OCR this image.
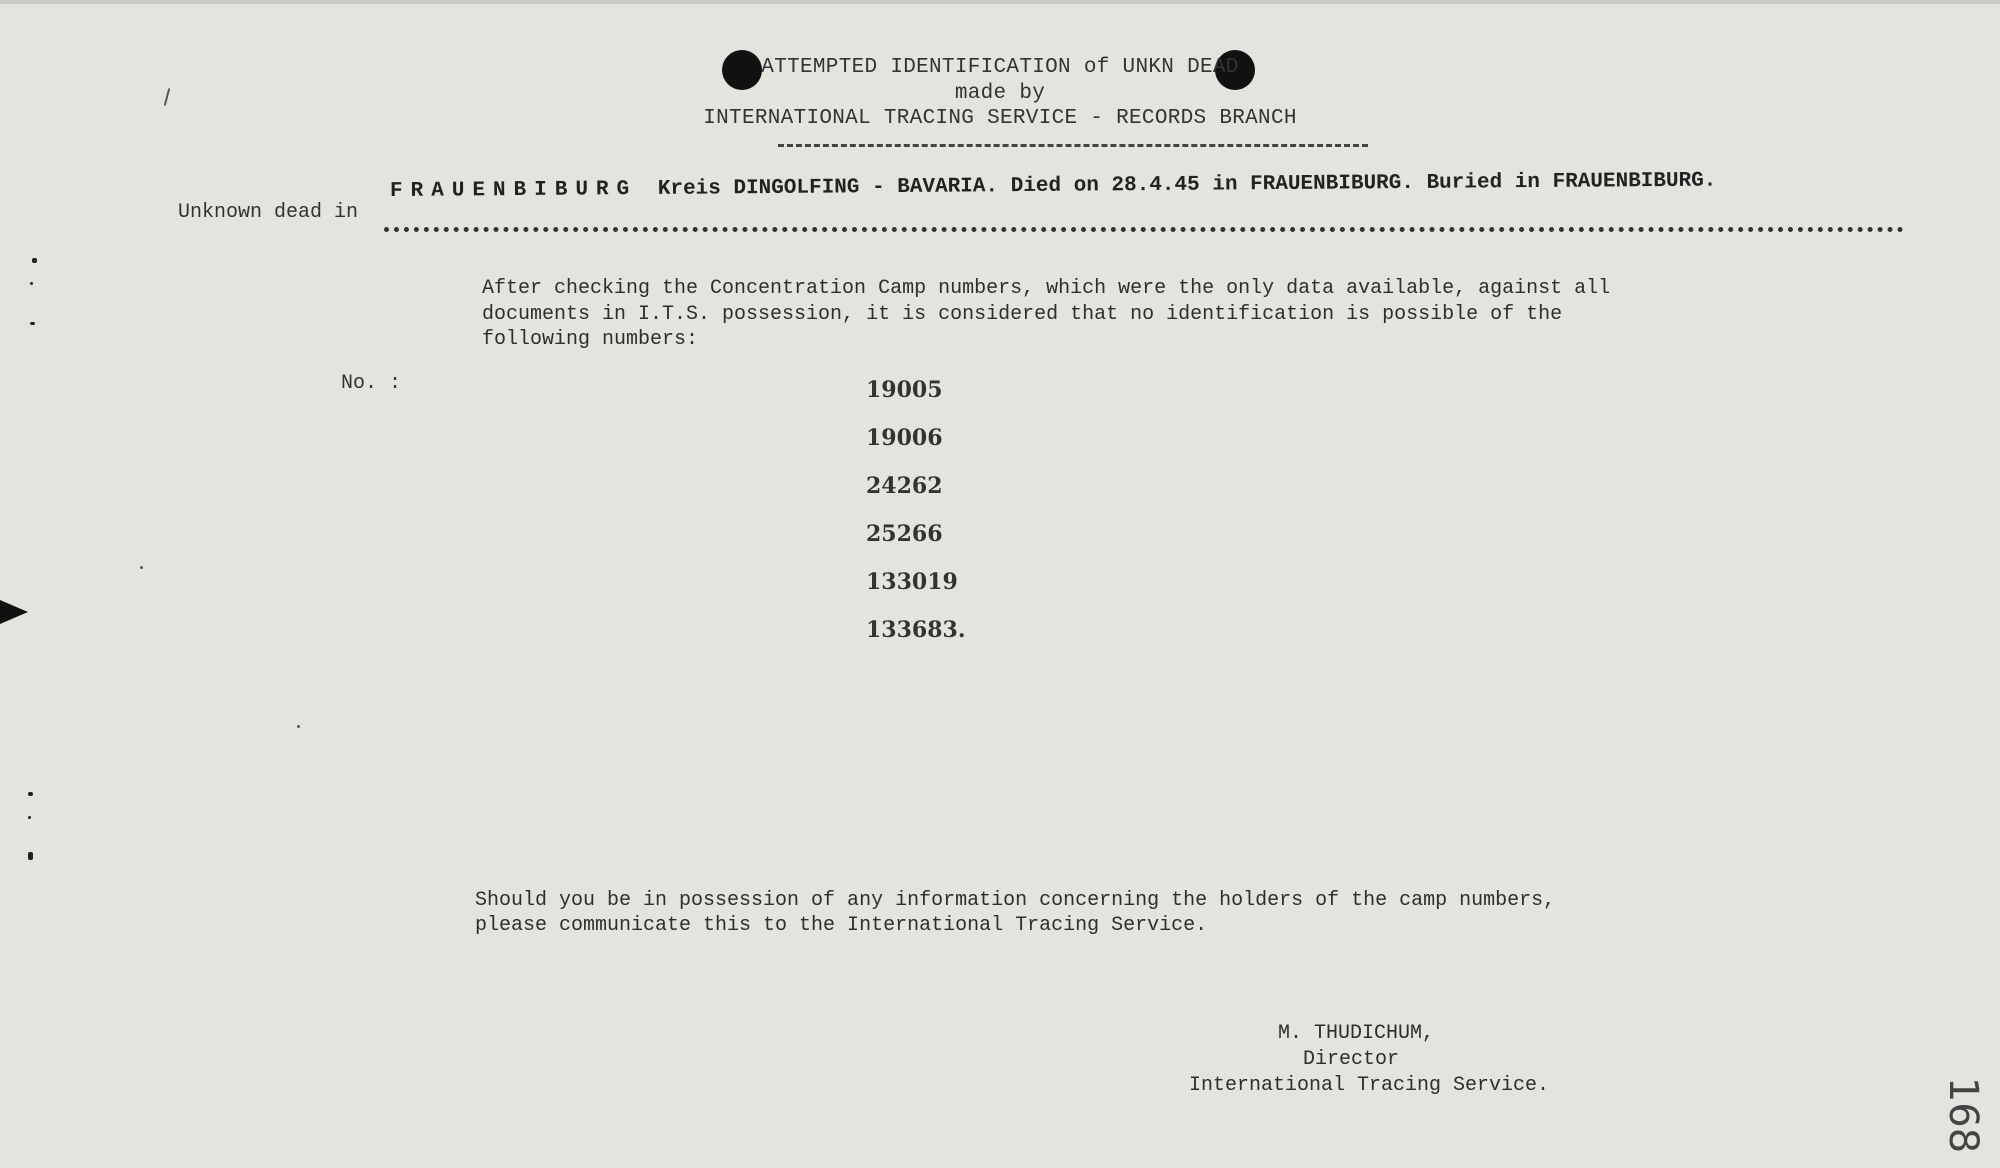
ATTEMPTED IDENTIFICATION of UNKN DEAD
made by
INTERNATIONAL TRACING SERVICE - RECORDS BRANCH
Unknown dead in
FRAUENBIBURG Kreis DINGOLFING - BAVARIA. Died on 28.4.45 in FRAUENBIBURG. Buried in FRAUENBIBURG.
After checking the Concentration Camp numbers, which were the only data available, against all
documents in I.T.S. possession, it is considered that no identification is possible of the
following numbers:
No. :	19005
19006
24262
25266
133019
133683.
Should you be in possession of any information concerning the holders of the camp numbers,
please communicate this to the International Tracing Service.
M. THUDICHUM,
Director
International Tracing Service.	168
